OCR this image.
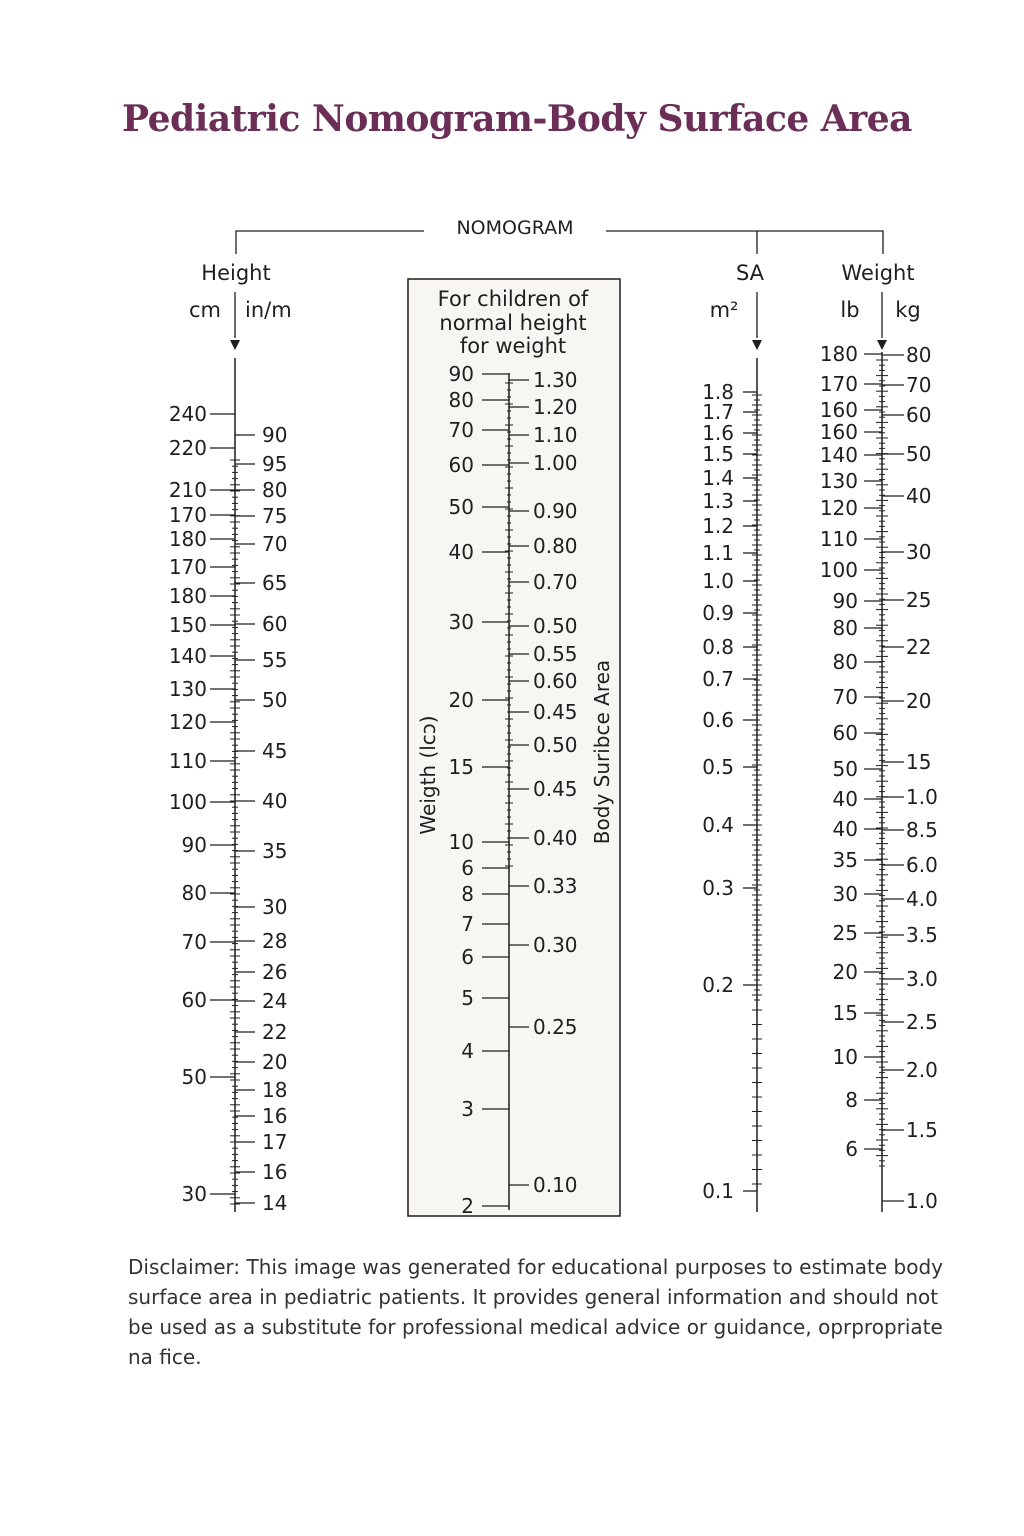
Pediatric Nomogram-Body Surface Area
NOMOGRAM
Height
cm in/m
240
220
210
170
180
170
180
150
140
130
120
110
100
90
80
70
60
50
30
90
95
80
75
70
65
60
55
50
45
40
35
30
28
26
24
22
20
18
16
17
16
14
For children of
normal height
for weight
90
80
70
60
50
40
30
20
15
10
6
8
7
6
5
4
3
2
1.30
1.20
1.10
1.00
0.90
0.80
0.70
0.50
0.55
0.60
0.45
0.50
0.45
0.40
0.33
0.30
0.25
0.10
Weigth (lcɔ)	Body Suribce Area
SA
m²
1.8
1.7
1.6
1.5
1.4
1.3
1.2
1.1
1.0
0.9
0.8
0.7
0.6
0.5
0.4
0.3
0.2
0.1
Weight
lb kg
180
170
160
160
140
130
120
110
100
90
80
80
70
60
50
40
40
35
30
25
20
15
10
8
6
80
70
60
50
40
30
25
22
20
15
1.0
8.5
6.0
4.0
3.5
3.0
2.5
2.0
1.5
1.0

Disclaimer: This image was generated for educational purposes to estimate body surface area in pediatric patients. It provides general information and should not be used as a substitute for professional medical advice or guidance, oprpropriate na fice.
